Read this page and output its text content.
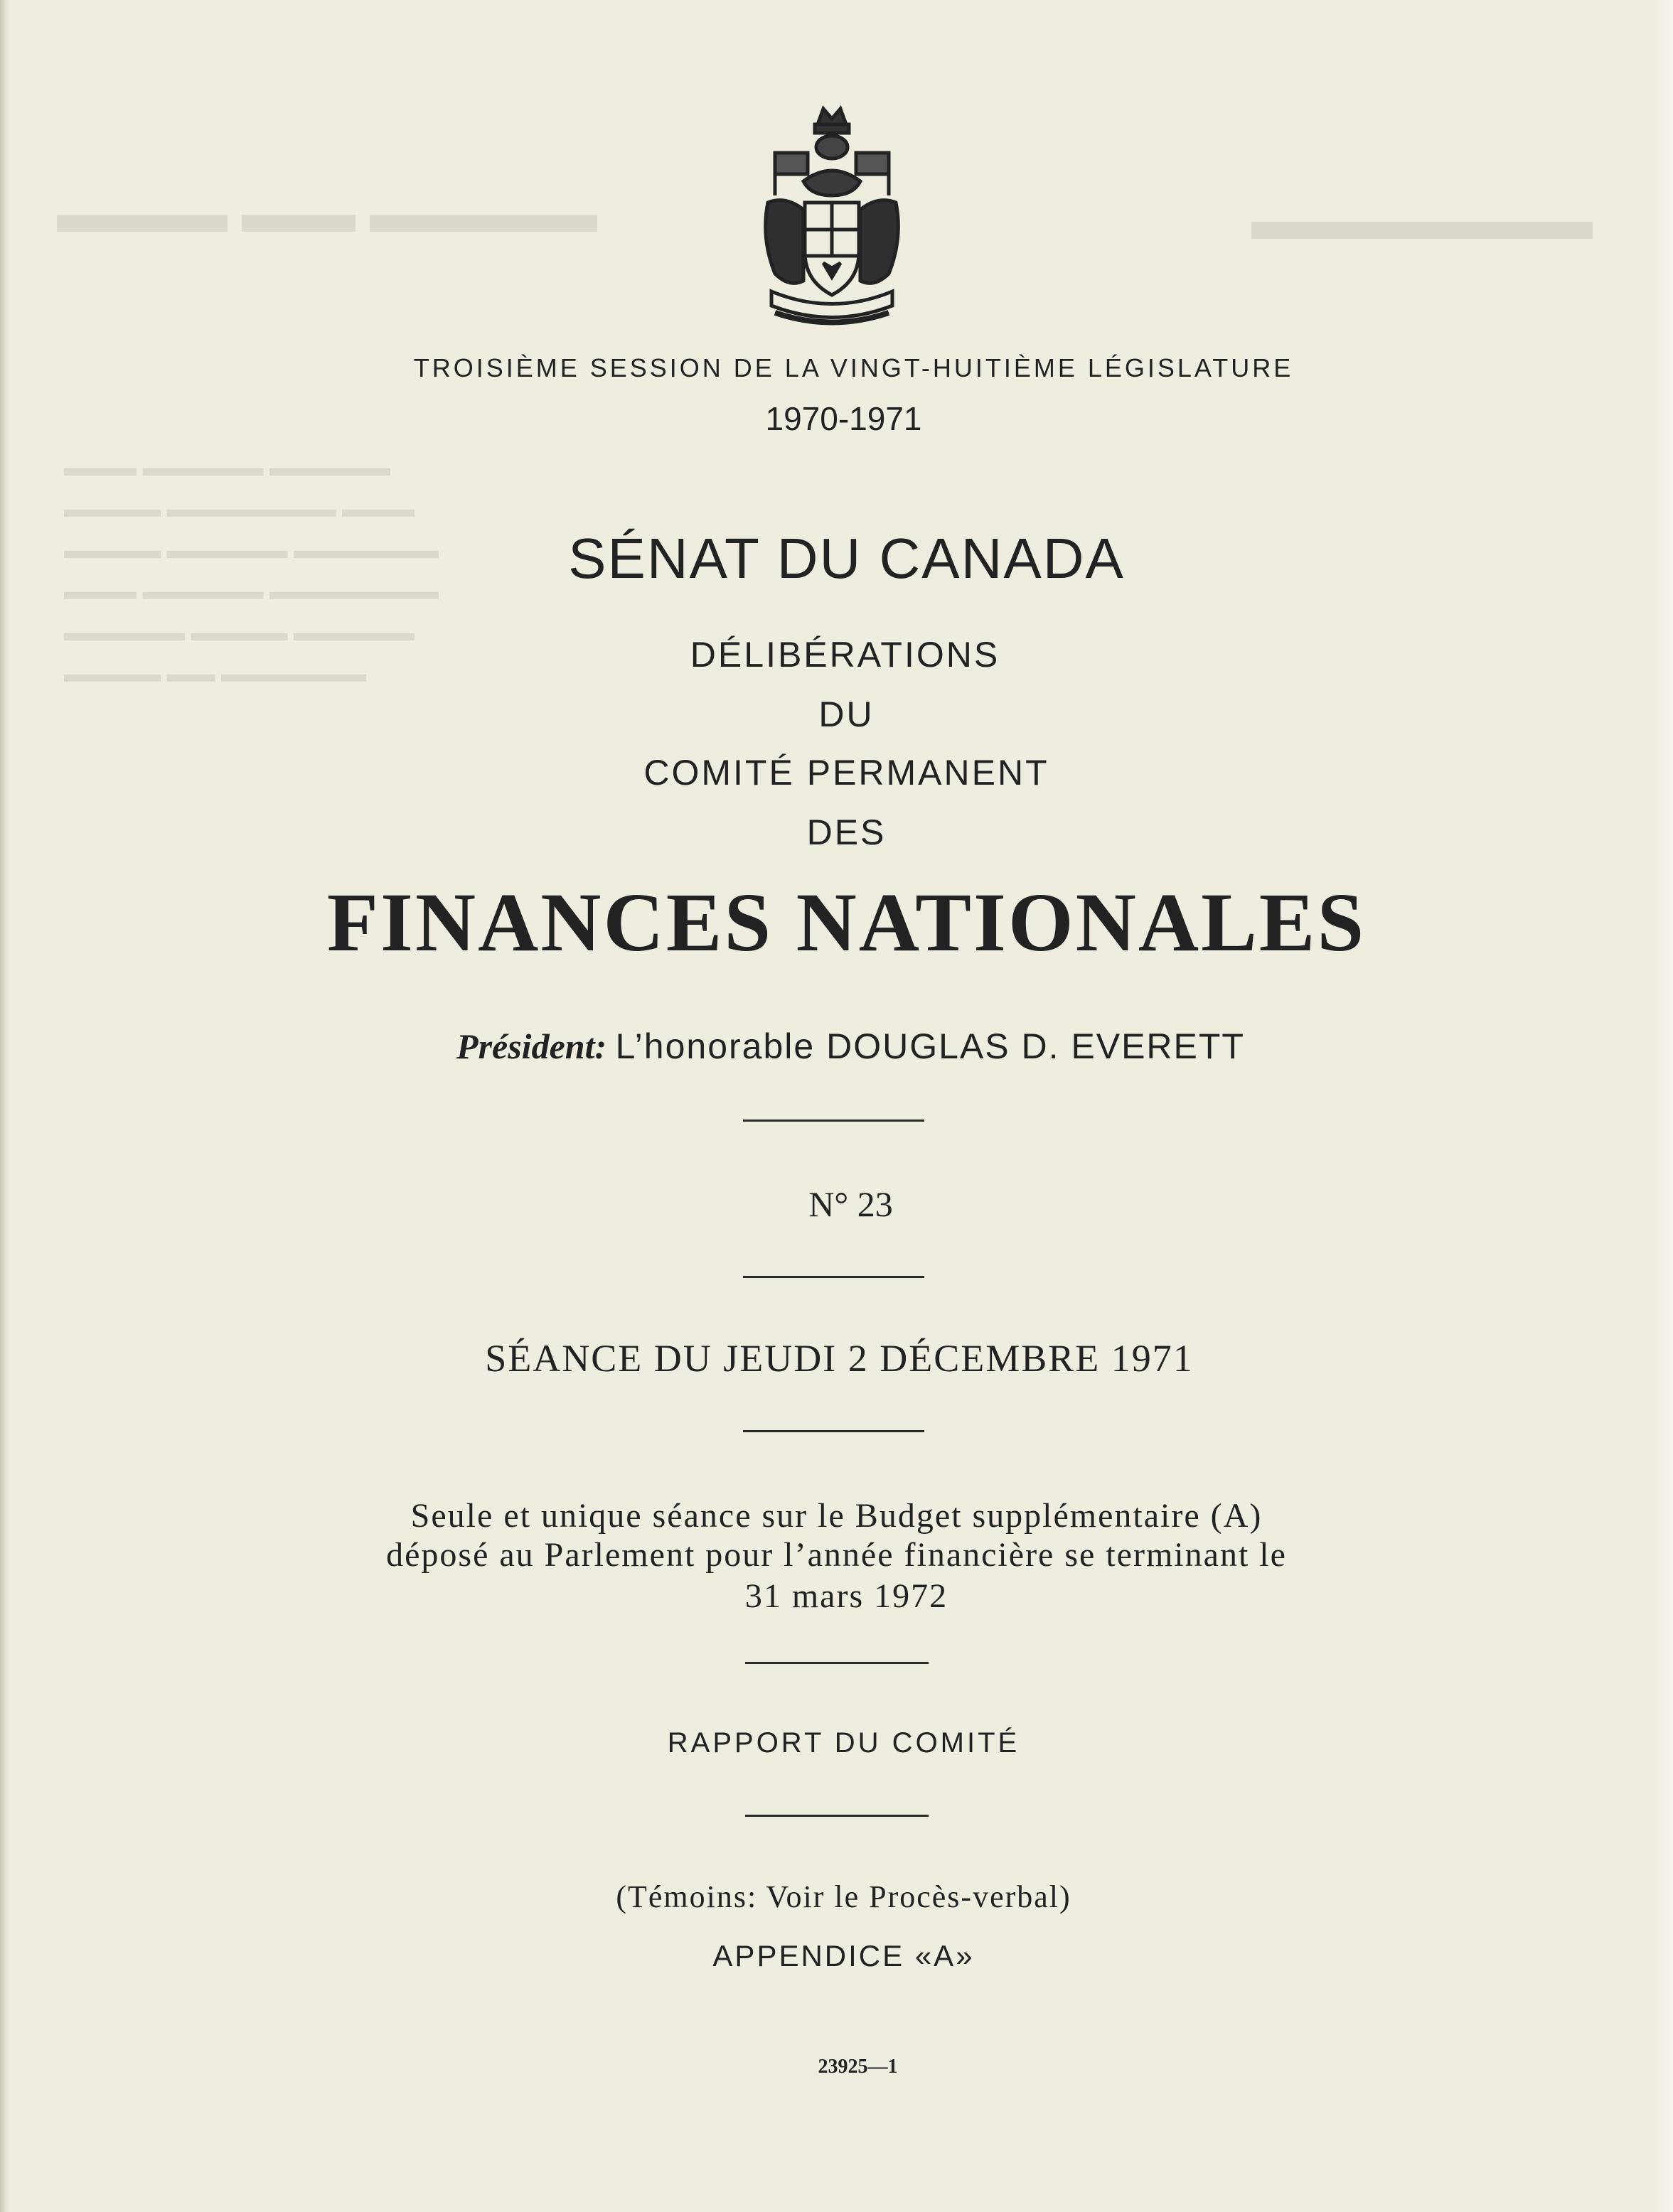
▬▬▬ ▬▬ ▬▬▬▬	▬▬▬▬▬▬
▬▬▬ ▬▬▬▬▬ ▬▬▬▬▬
▬▬▬▬ ▬▬▬▬▬▬▬ ▬▬▬
▬▬▬▬ ▬▬▬▬▬ ▬▬▬▬▬▬
▬▬▬ ▬▬▬▬▬ ▬▬▬▬▬▬▬
▬▬▬▬▬ ▬▬▬▬ ▬▬▬▬▬
▬▬▬▬ ▬▬ ▬▬▬▬▬▬
TROISIÈME SESSION DE LA VINGT-HUITIÈME LÉGISLATURE
1970-1971
SÉNAT DU CANADA
DÉLIBÉRATIONS
DU
COMITÉ PERMANENT
DES
FINANCES NATIONALES
Président: L’honorable DOUGLAS D. EVERETT
N° 23
SÉANCE DU JEUDI 2 DÉCEMBRE 1971
Seule et unique séance sur le Budget supplémentaire (A)
déposé au Parlement pour l’année financière se terminant le
31 mars 1972
RAPPORT DU COMITÉ
(Témoins: Voir le Procès-verbal)
APPENDICE «A»
23925—1
